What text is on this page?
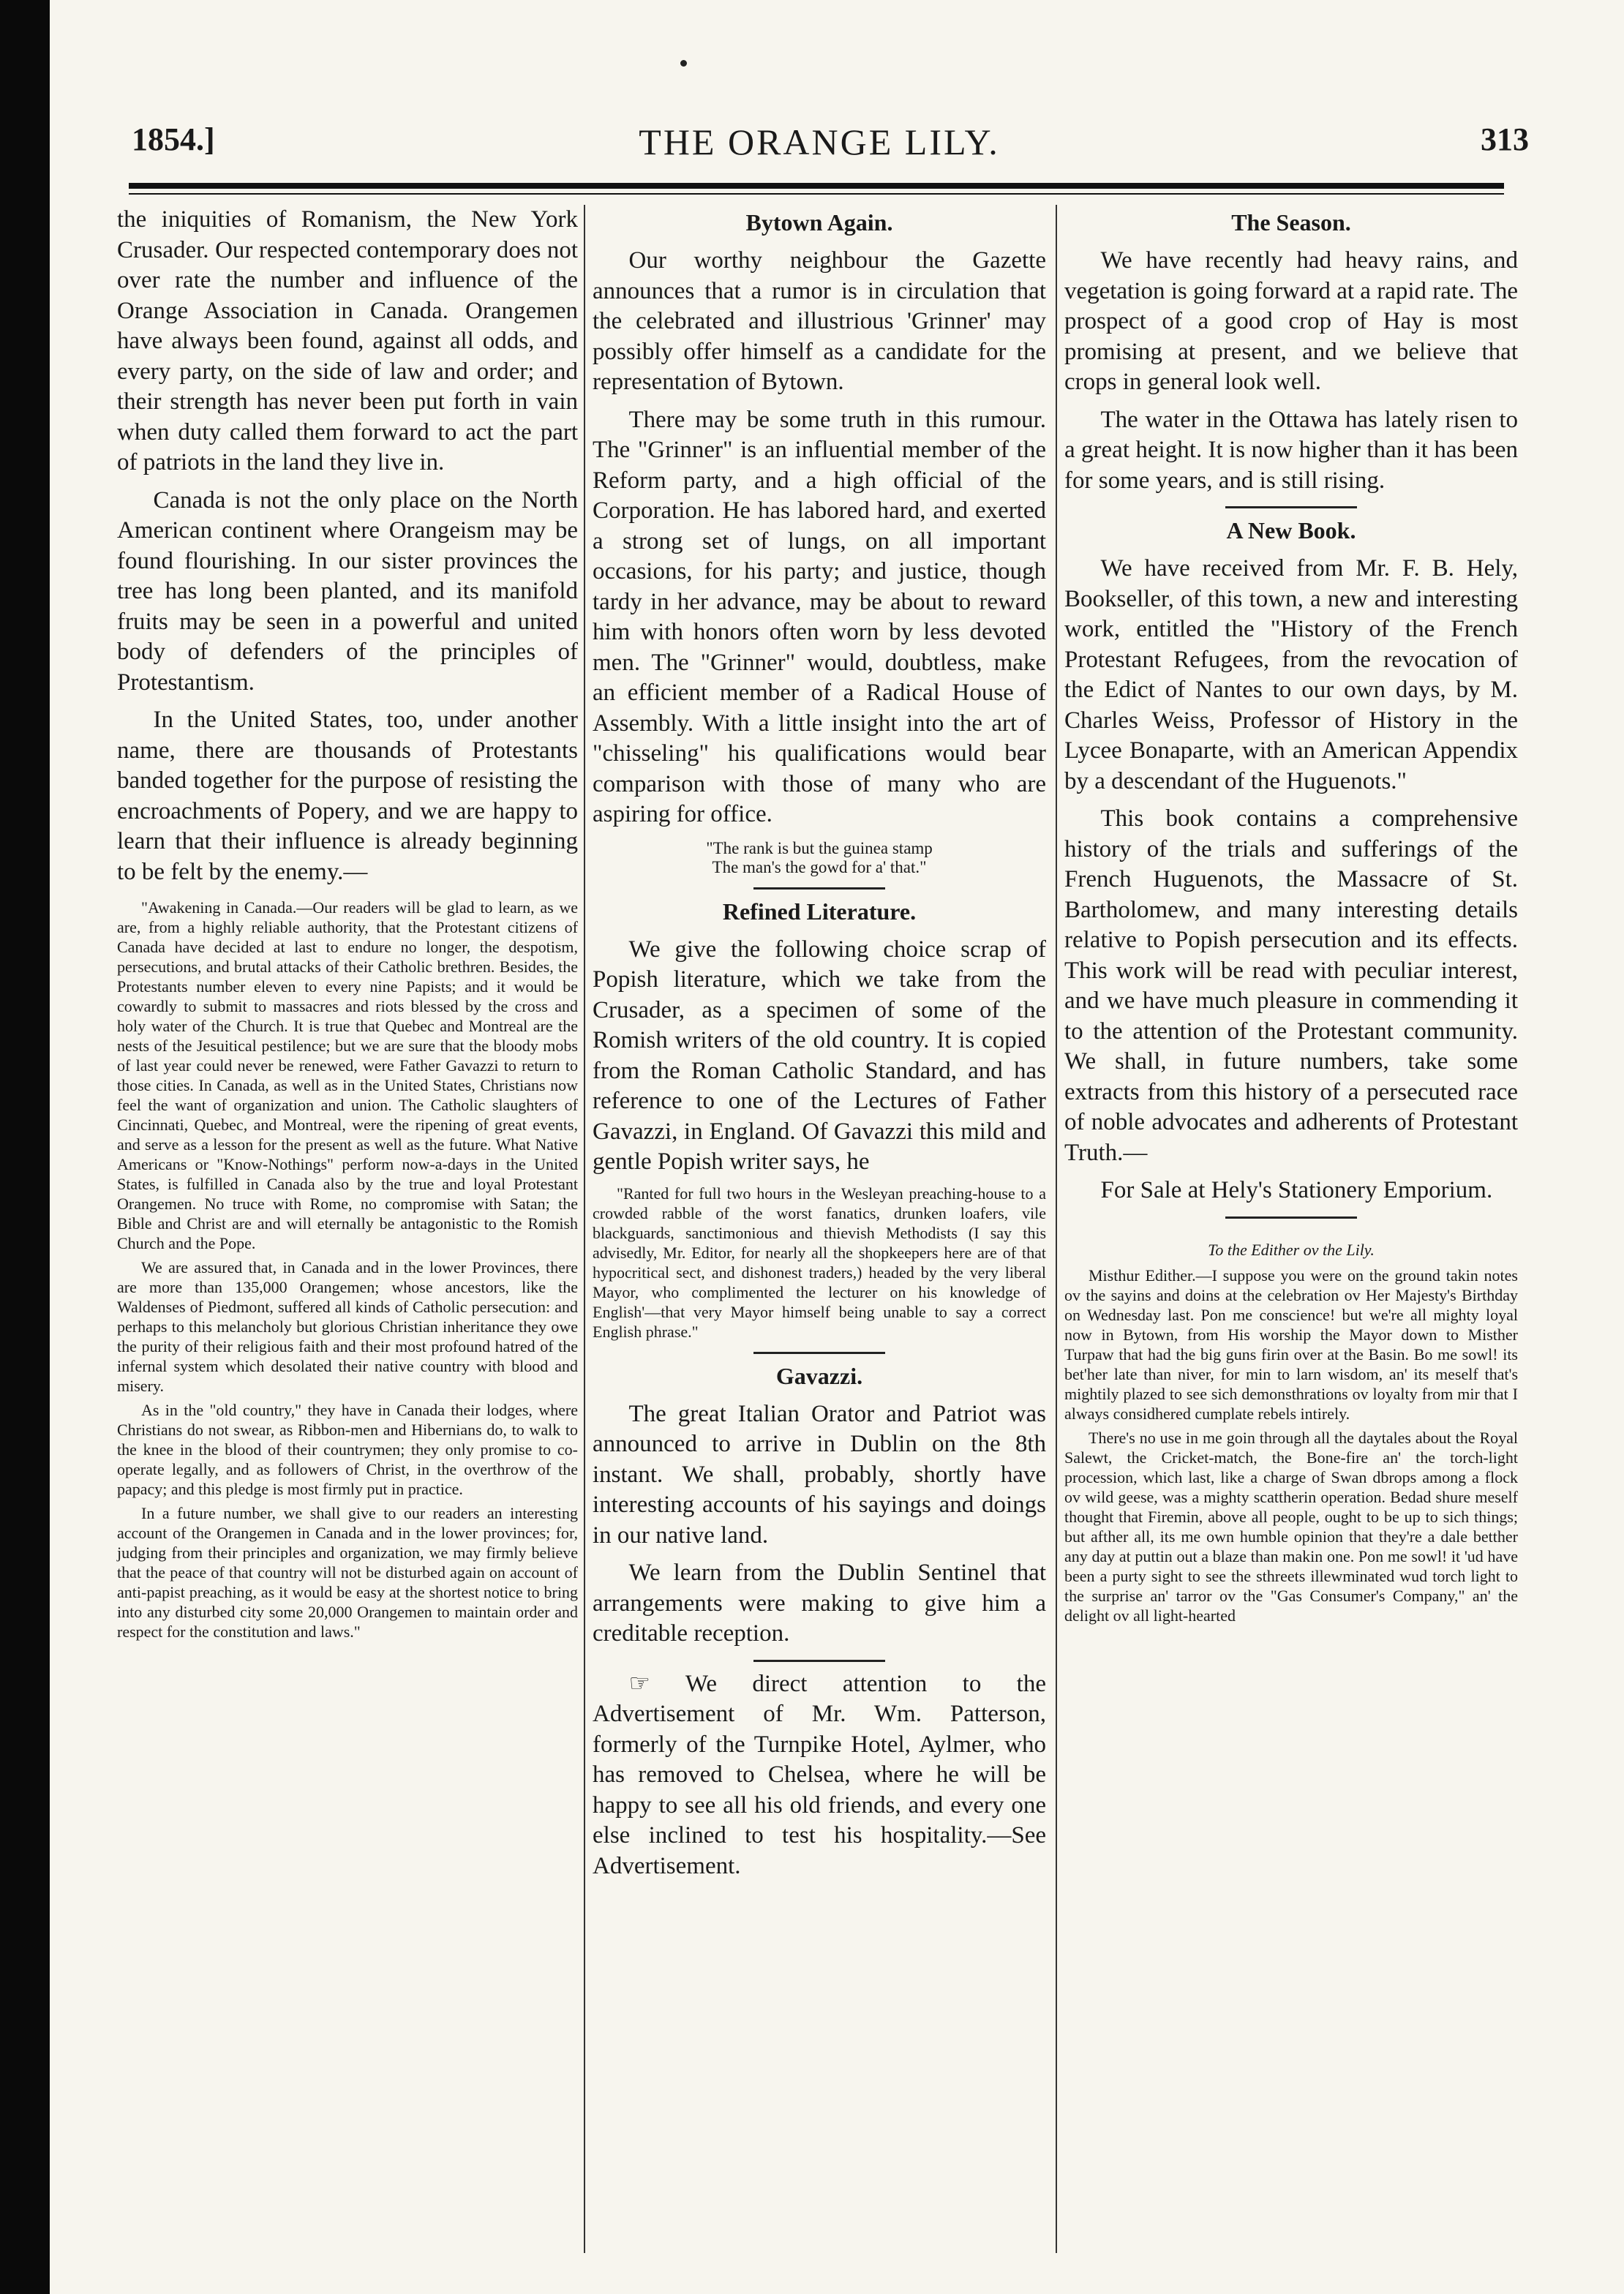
1854.]	THE ORANGE LILY.	313

the iniquities of Romanism, the New York Crusader. Our respected contemporary does not over rate the number and influence of the Orange Association in Canada. Orangemen have always been found, against all odds, and every party, on the side of law and order; and their strength has never been put forth in vain when duty called them forward to act the part of patriots in the land they live in.

Canada is not the only place on the North American continent where Orangeism may be found flourishing. In our sister provinces the tree has long been planted, and its manifold fruits may be seen in a powerful and united body of defenders of the principles of Protestantism.

In the United States, too, under another name, there are thousands of Protestants banded together for the purpose of resisting the encroachments of Popery, and we are happy to learn that their influence is already beginning to be felt by the enemy.—

"Awakening in Canada.—Our readers will be glad to learn, as we are, from a highly reliable authority, that the Protestant citizens of Canada have decided at last to endure no longer, the despotism, persecutions, and brutal attacks of their Catholic brethren. Besides, the Protestants number eleven to every nine Papists; and it would be cowardly to submit to massacres and riots blessed by the cross and holy water of the Church. It is true that Quebec and Montreal are the nests of the Jesuitical pestilence; but we are sure that the bloody mobs of last year could never be renewed, were Father Gavazzi to return to those cities. In Canada, as well as in the United States, Christians now feel the want of organization and union. The Catholic slaughters of Cincinnati, Quebec, and Montreal, were the ripening of great events, and serve as a lesson for the present as well as the future. What Native Americans or "Know-Nothings" perform now-a-days in the United States, is fulfilled in Canada also by the true and loyal Protestant Orangemen. No truce with Rome, no compromise with Satan; the Bible and Christ are and will eternally be antagonistic to the Romish Church and the Pope.

We are assured that, in Canada and in the lower Provinces, there are more than 135,000 Orangemen; whose ancestors, like the Waldenses of Piedmont, suffered all kinds of Catholic persecution: and perhaps to this melancholy but glorious Christian inheritance they owe the purity of their religious faith and their most profound hatred of the infernal system which desolated their native country with blood and misery.

As in the "old country," they have in Canada their lodges, where Christians do not swear, as Ribbon-men and Hibernians do, to walk to the knee in the blood of their countrymen; they only promise to co-operate legally, and as followers of Christ, in the overthrow of the papacy; and this pledge is most firmly put in practice.

In a future number, we shall give to our readers an interesting account of the Orangemen in Canada and in the lower provinces; for, judging from their principles and organization, we may firmly believe that the peace of that country will not be disturbed again on account of anti-papist preaching, as it would be easy at the shortest notice to bring into any disturbed city some 20,000 Orangemen to maintain order and respect for the constitution and laws."

Bytown Again.

Our worthy neighbour the Gazette announces that a rumor is in circulation that the celebrated and illustrious 'Grinner' may possibly offer himself as a candidate for the representation of Bytown.

There may be some truth in this rumour. The "Grinner" is an influential member of the Reform party, and a high official of the Corporation. He has labored hard, and exerted a strong set of lungs, on all important occasions, for his party; and justice, though tardy in her advance, may be about to reward him with honors often worn by less devoted men. The "Grinner" would, doubtless, make an efficient member of a Radical House of Assembly. With a little insight into the art of "chisseling" his qualifications would bear comparison with those of many who are aspiring for office.

"The rank is but the guinea stamp
The man's the gowd for a' that."
Refined Literature.

We give the following choice scrap of Popish literature, which we take from the Crusader, as a specimen of some of the Romish writers of the old country. It is copied from the Roman Catholic Standard, and has reference to one of the Lectures of Father Gavazzi, in England. Of Gavazzi this mild and gentle Popish writer says, he

"Ranted for full two hours in the Wesleyan preaching-house to a crowded rabble of the worst fanatics, drunken loafers, vile blackguards, sanctimonious and thievish Methodists (I say this advisedly, Mr. Editor, for nearly all the shopkeepers here are of that hypocritical sect, and dishonest traders,) headed by the very liberal Mayor, who complimented the lecturer on his knowledge of English'—that very Mayor himself being unable to say a correct English phrase."

Gavazzi.

The great Italian Orator and Patriot was announced to arrive in Dublin on the 8th instant. We shall, probably, shortly have interesting accounts of his sayings and doings in our native land.

We learn from the Dublin Sentinel that arrangements were making to give him a creditable reception.

☞ We direct attention to the Advertisement of Mr. Wm. Patterson, formerly of the Turnpike Hotel, Aylmer, who has removed to Chelsea, where he will be happy to see all his old friends, and every one else inclined to test his hospitality.—See Advertisement.

The Season.

We have recently had heavy rains, and vegetation is going forward at a rapid rate. The prospect of a good crop of Hay is most promising at present, and we believe that crops in general look well.

The water in the Ottawa has lately risen to a great height. It is now higher than it has been for some years, and is still rising.

A New Book.

We have received from Mr. F. B. Hely, Bookseller, of this town, a new and interesting work, entitled the "History of the French Protestant Refugees, from the revocation of the Edict of Nantes to our own days, by M. Charles Weiss, Professor of History in the Lycee Bonaparte, with an American Appendix by a descendant of the Huguenots."

This book contains a comprehensive history of the trials and sufferings of the French Huguenots, the Massacre of St. Bartholomew, and many interesting details relative to Popish persecution and its effects. This work will be read with peculiar interest, and we have much pleasure in commending it to the attention of the Protestant community. We shall, in future numbers, take some extracts from this history of a persecuted race of noble advocates and adherents of Protestant Truth.—

For Sale at Hely's Stationery Emporium.

To the Edither ov the Lily.

Misthur Edither.—I suppose you were on the ground takin notes ov the sayins and doins at the celebration ov Her Majesty's Birthday on Wednesday last. Pon me conscience! but we're all mighty loyal now in Bytown, from His worship the Mayor down to Misther Turpaw that had the big guns firin over at the Basin. Bo me sowl! its bet'her late than niver, for min to larn wisdom, an' its meself that's mightily plazed to see sich demonsthrations ov loyalty from mir that I always considhered cumplate rebels intirely.

There's no use in me goin through all the daytales about the Royal Salewt, the Cricket-match, the Bone-fire an' the torch-light procession, which last, like a charge of Swan dbrops among a flock ov wild geese, was a mighty scattherin operation. Bedad shure meself thought that Firemin, above all people, ought to be up to sich things; but afther all, its me own humble opinion that they're a dale betther any day at puttin out a blaze than makin one. Pon me sowl! it 'ud have been a purty sight to see the sthreets illewminated wud torch light to the surprise an' tarror ov the "Gas Consumer's Company," an' the delight ov all light-hearted
